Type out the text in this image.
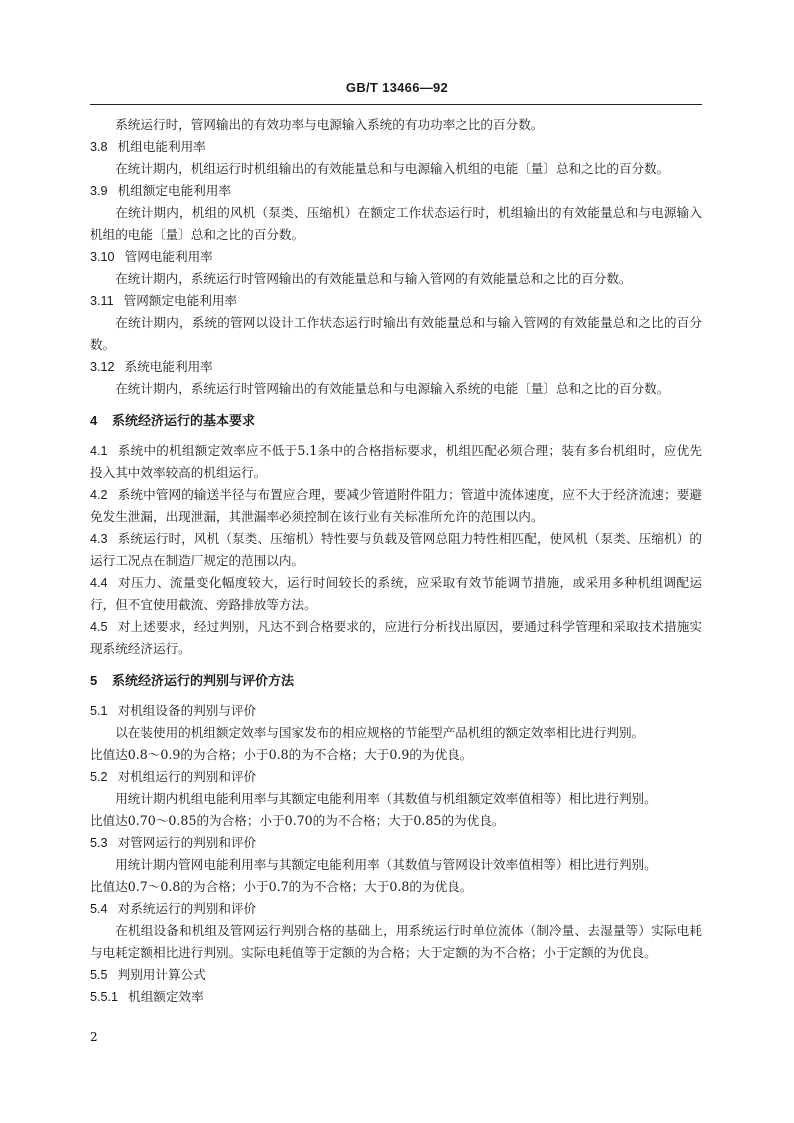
GB/T 13466—92

系统运行时，管网输出的有效功率与电源输入系统的有功功率之比的百分数。

3.8 机组电能利用率

在统计期内，机组运行时机组输出的有效能量总和与电源输入机组的电能〔量〕总和之比的百分数。

3.9 机组额定电能利用率

在统计期内，机组的风机（泵类、压缩机）在额定工作状态运行时，机组输出的有效能量总和与电源输入机组的电能〔量〕总和之比的百分数。

3.10 管网电能利用率

在统计期内，系统运行时管网输出的有效能量总和与输入管网的有效能量总和之比的百分数。

3.11 管网额定电能利用率

在统计期内，系统的管网以设计工作状态运行时输出有效能量总和与输入管网的有效能量总和之比的百分数。

3.12 系统电能利用率

在统计期内，系统运行时管网输出的有效能量总和与电源输入系统的电能〔量〕总和之比的百分数。

4 系统经济运行的基本要求

4.1 系统中的机组额定效率应不低于5.1条中的合格指标要求，机组匹配必须合理；装有多台机组时，应优先投入其中效率较高的机组运行。

4.2 系统中管网的输送半径与布置应合理，要减少管道附件阻力；管道中流体速度，应不大于经济流速；要避免发生泄漏，出现泄漏，其泄漏率必须控制在该行业有关标准所允许的范围以内。

4.3 系统运行时，风机（泵类、压缩机）特性要与负载及管网总阻力特性相匹配，使风机（泵类、压缩机）的运行工况点在制造厂规定的范围以内。

4.4 对压力、流量变化幅度较大，运行时间较长的系统，应采取有效节能调节措施，或采用多种机组调配运行，但不宜使用截流、旁路排放等方法。

4.5 对上述要求，经过判别，凡达不到合格要求的，应进行分析找出原因，要通过科学管理和采取技术措施实现系统经济运行。

5 系统经济运行的判别与评价方法

5.1 对机组设备的判别与评价

以在装使用的机组额定效率与国家发布的相应规格的节能型产品机组的额定效率相比进行判别。

比值达0.8～0.9的为合格；小于0.8的为不合格；大于0.9的为优良。

5.2 对机组运行的判别和评价

用统计期内机组电能利用率与其额定电能利用率（其数值与机组额定效率值相等）相比进行判别。

比值达0.70～0.85的为合格；小于0.70的为不合格；大于0.85的为优良。

5.3 对管网运行的判别和评价

用统计期内管网电能利用率与其额定电能利用率（其数值与管网设计效率值相等）相比进行判别。

比值达0.7～0.8的为合格；小于0.7的为不合格；大于0.8的为优良。

5.4 对系统运行的判别和评价

在机组设备和机组及管网运行判别合格的基础上，用系统运行时单位流体（制冷量、去湿量等）实际电耗与电耗定额相比进行判别。实际电耗值等于定额的为合格；大于定额的为不合格；小于定额的为优良。

5.5 判别用计算公式

5.5.1 机组额定效率

2
